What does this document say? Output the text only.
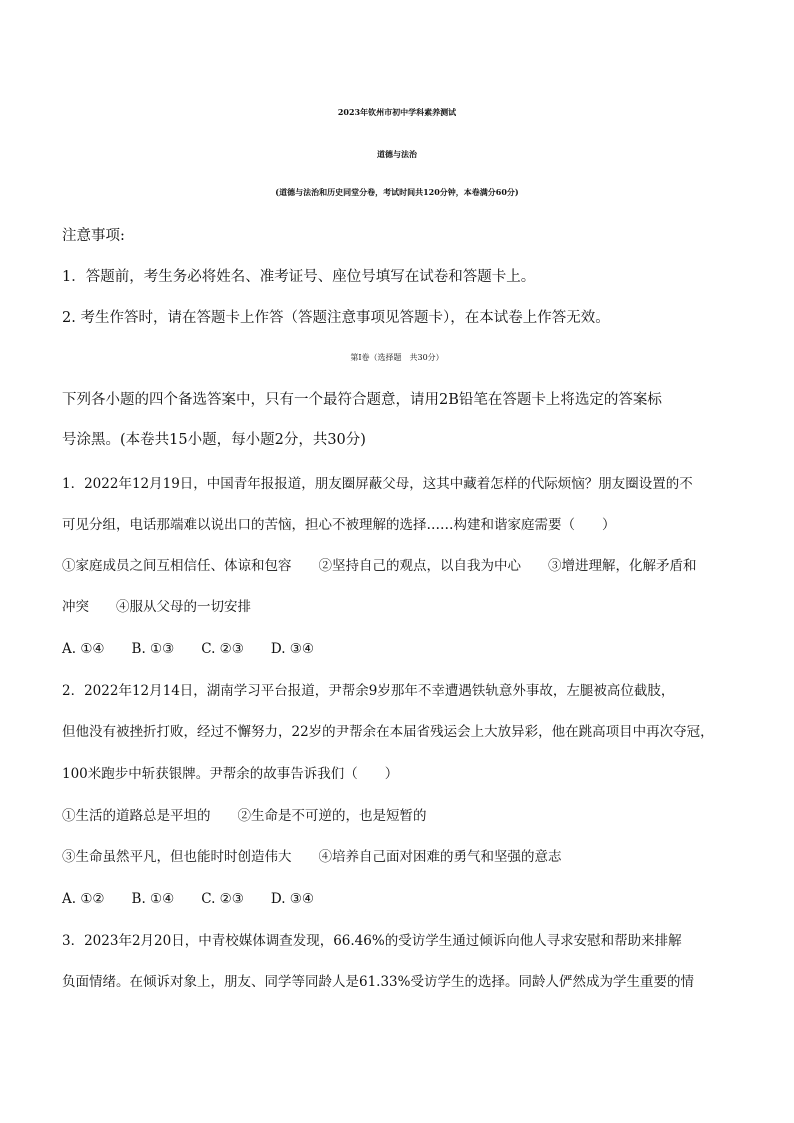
2023年钦州市初中学科素养测试
道德与法治
(道德与法治和历史同堂分卷，考试时间共120分钟，本卷满分60分)
注意事项:
1．答题前，考生务必将姓名、准考证号、座位号填写在试卷和答题卡上。
2. 考生作答时，请在答题卡上作答（答题注意事项见答题卡），在本试卷上作答无效。
第Ⅰ卷（选择题　共30分）
下列各小题的四个备选答案中，只有一个最符合题意，请用2B铅笔在答题卡上将选定的答案标
号涂黑。(本卷共15小题，每小题2分，共30分)
1．2022年12月19日，中国青年报报道，朋友圈屏蔽父母，这其中藏着怎样的代际烦恼？朋友圈设置的不
可见分组，电话那端难以说出口的苦恼，担心不被理解的选择……构建和谐家庭需要（　　）
①家庭成员之间互相信任、体谅和包容　　②坚持自己的观点，以自我为中心　　③增进理解，化解矛盾和
冲突　　④服从父母的一切安排
A. ①④　　B. ①③　　C. ②③　　D. ③④
2．2022年12月14日，湖南学习平台报道，尹帮余9岁那年不幸遭遇铁轨意外事故，左腿被高位截肢，
但他没有被挫折打败，经过不懈努力，22岁的尹帮余在本届省残运会上大放异彩，他在跳高项目中再次夺冠，
100米跑步中斩获银牌。尹帮余的故事告诉我们（　　）
①生活的道路总是平坦的　　②生命是不可逆的，也是短暂的
③生命虽然平凡，但也能时时创造伟大　　④培养自己面对困难的勇气和坚强的意志
A. ①②　　B. ①④　　C. ②③　　D. ③④
3．2023年2月20日，中青校媒体调查发现，66.46%的受访学生通过倾诉向他人寻求安慰和帮助来排解
负面情绪。在倾诉对象上，朋友、同学等同龄人是61.33%受访学生的选择。同龄人俨然成为学生重要的情
